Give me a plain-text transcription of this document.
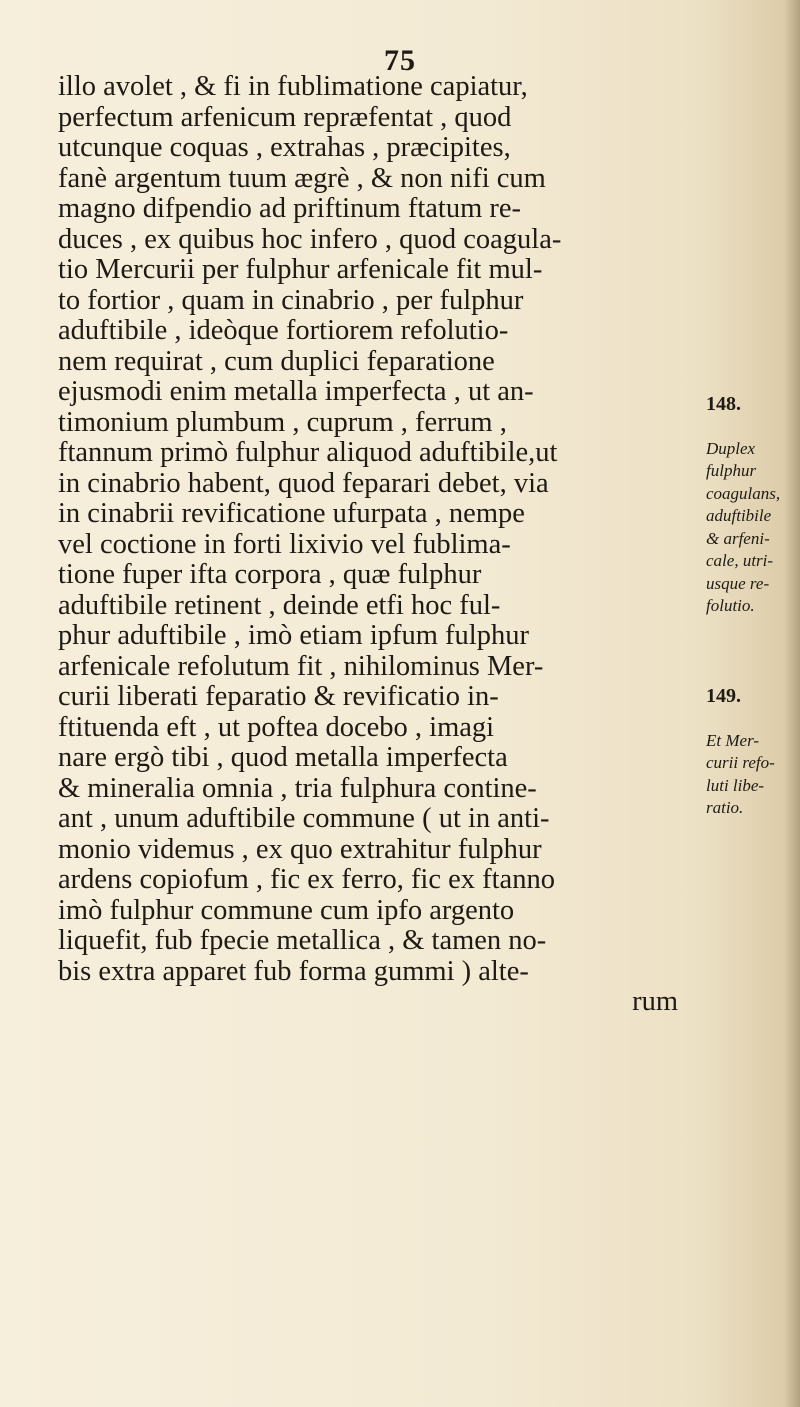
75
illo avolet , & fi in fublimatione capiatur,
perfectum arfenicum repræfentat , quod
utcunque coquas , extrahas , præcipites,
fanè argentum tuum ægrè , & non nifi cum
magno difpendio ad priftinum ftatum re-
duces , ex quibus hoc infero , quod coagula-
tio Mercurii per fulphur arfenicale fit mul-
to fortior , quam in cinabrio , per fulphur
aduftibile , ideòque fortiorem refolutio-
nem requirat , cum duplici feparatione
ejusmodi enim metalla imperfecta , ut an-
timonium plumbum , cuprum , ferrum ,
ftannum primò fulphur aliquod aduftibile,ut
in cinabrio habent, quod feparari debet, via
in cinabrii revificatione ufurpata , nempe
vel coctione in forti lixivio vel fublima-
tione fuper ifta corpora , quæ fulphur
aduftibile retinent , deinde etfi hoc ful-
phur aduftibile , imò etiam ipfum fulphur
arfenicale refolutum fit , nihilominus Mer-
curii liberati feparatio & revificatio in-
ftituenda eft , ut poftea docebo , imagi
nare ergò tibi , quod metalla imperfecta
& mineralia omnia , tria fulphura contine-
ant , unum aduftibile commune ( ut in anti-
monio videmus , ex quo extrahitur fulphur
ardens copiofum , fic ex ferro, fic ex ftanno
imò fulphur commune cum ipfo argento
liquefit, fub fpecie metallica , & tamen no-
bis extra apparet fub forma gummi ) alte-
rum

148.

Duplex
fulphur
coagulans,
aduftibile
& arfeni-
cale, utri-
usque re-
folutio.

149.

Et Mer-
curii refo-
luti libe-
ratio.
